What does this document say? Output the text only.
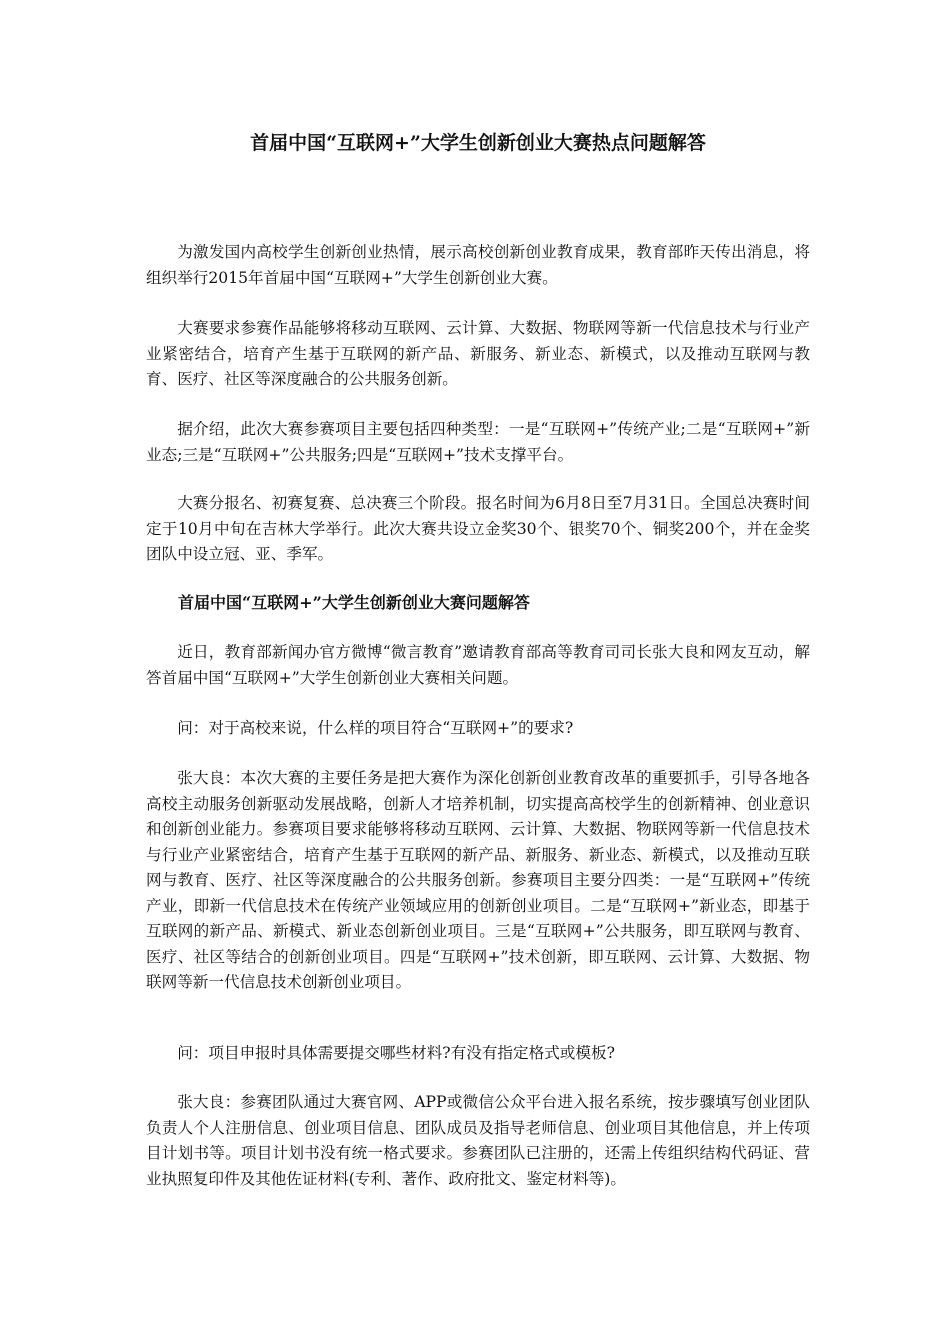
首届中国“互联网+”大学生创新创业大赛热点问题解答

为激发国内高校学生创新创业热情，展示高校创新创业教育成果，教育部昨天传出消息，将组织举行2015年首届中国“互联网+”大学生创新创业大赛。

大赛要求参赛作品能够将移动互联网、云计算、大数据、物联网等新一代信息技术与行业产业紧密结合，培育产生基于互联网的新产品、新服务、新业态、新模式，以及推动互联网与教育、医疗、社区等深度融合的公共服务创新。

据介绍，此次大赛参赛项目主要包括四种类型：一是“互联网+”传统产业;二是“互联网+”新业态;三是“互联网+”公共服务;四是“互联网+”技术支撑平台。

大赛分报名、初赛复赛、总决赛三个阶段。报名时间为6月8日至7月31日。全国总决赛时间定于10月中旬在吉林大学举行。此次大赛共设立金奖30个、银奖70个、铜奖200个，并在金奖团队中设立冠、亚、季军。

首届中国“互联网+”大学生创新创业大赛问题解答

近日，教育部新闻办官方微博“微言教育”邀请教育部高等教育司司长张大良和网友互动，解答首届中国“互联网+”大学生创新创业大赛相关问题。

问：对于高校来说，什么样的项目符合“互联网+”的要求?

张大良：本次大赛的主要任务是把大赛作为深化创新创业教育改革的重要抓手，引导各地各高校主动服务创新驱动发展战略，创新人才培养机制，切实提高高校学生的创新精神、创业意识和创新创业能力。参赛项目要求能够将移动互联网、云计算、大数据、物联网等新一代信息技术与行业产业紧密结合，培育产生基于互联网的新产品、新服务、新业态、新模式，以及推动互联网与教育、医疗、社区等深度融合的公共服务创新。参赛项目主要分四类：一是“互联网+”传统产业，即新一代信息技术在传统产业领域应用的创新创业项目。二是“互联网+”新业态，即基于互联网的新产品、新模式、新业态创新创业项目。三是“互联网+”公共服务，即互联网与教育、医疗、社区等结合的创新创业项目。四是“互联网+”技术创新，即互联网、云计算、大数据、物联网等新一代信息技术创新创业项目。

问：项目申报时具体需要提交哪些材料?有没有指定格式或模板?

张大良：参赛团队通过大赛官网、APP或微信公众平台进入报名系统，按步骤填写创业团队负责人个人注册信息、创业项目信息、团队成员及指导老师信息、创业项目其他信息，并上传项目计划书等。项目计划书没有统一格式要求。参赛团队已注册的，还需上传组织结构代码证、营业执照复印件及其他佐证材料(专利、著作、政府批文、鉴定材料等)。
